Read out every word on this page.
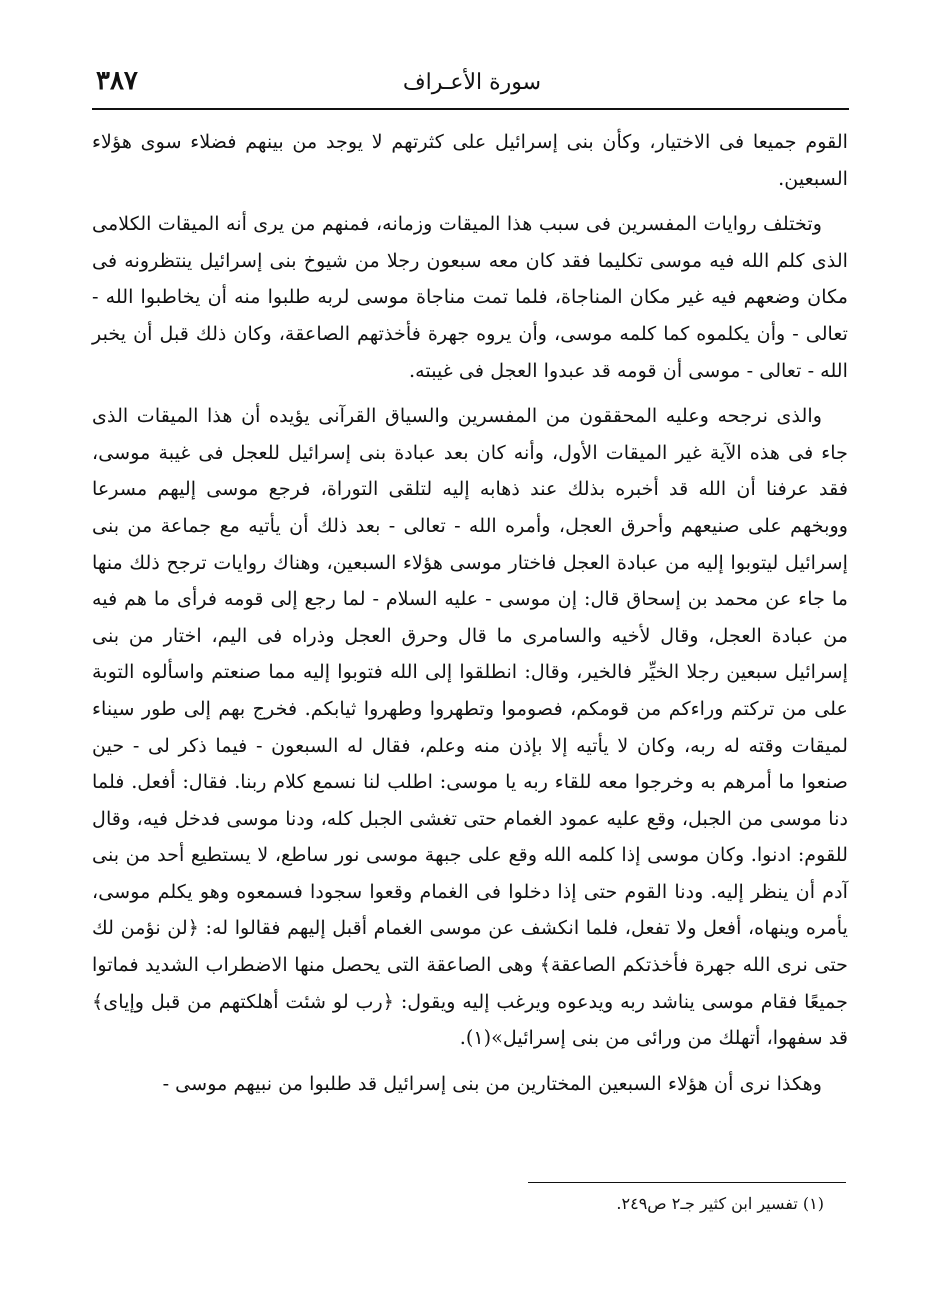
٣٨٧	سورة الأعـراف

القوم جميعا فى الاختيار، وكأن بنى إسرائيل على كثرتهم لا يوجد من بينهم فضلاء سوى هؤلاء السبعين.

وتختلف روايات المفسرين فى سبب هذا الميقات وزمانه، فمنهم من يرى أنه الميقات الكلامى الذى كلم الله فيه موسى تكليما فقد كان معه سبعون رجلا من شيوخ بنى إسرائيل ينتظرونه فى مكان وضعهم فيه غير مكان المناجاة، فلما تمت مناجاة موسى لربه طلبوا منه أن يخاطبوا الله - تعالى - وأن يكلموه كما كلمه موسى، وأن يروه جهرة فأخذتهم الصاعقة، وكان ذلك قبل أن يخبر الله - تعالى - موسى أن قومه قد عبدوا العجل فى غيبته.

والذى نرجحه وعليه المحققون من المفسرين والسياق القرآنى يؤيده أن هذا الميقات الذى جاء فى هذه الآية غير الميقات الأول، وأنه كان بعد عبادة بنى إسرائيل للعجل فى غيبة موسى، فقد عرفنا أن الله قد أخبره بذلك عند ذهابه إليه لتلقى التوراة، فرجع موسى إليهم مسرعا ووبخهم على صنيعهم وأحرق العجل، وأمره الله - تعالى - بعد ذلك أن يأتيه مع جماعة من بنى إسرائيل ليتوبوا إليه من عبادة العجل فاختار موسى هؤلاء السبعين، وهناك روايات ترجح ذلك منها ما جاء عن محمد بن إسحاق قال: إن موسى - عليه السلام - لما رجع إلى قومه فرأى ما هم فيه من عبادة العجل، وقال لأخيه والسامرى ما قال وحرق العجل وذراه فى اليم، اختار من بنى إسرائيل سبعين رجلا الخيِّر فالخير، وقال: انطلقوا إلى الله فتوبوا إليه مما صنعتم واسألوه التوبة على من تركتم وراءكم من قومكم، فصوموا وتطهروا وطهروا ثيابكم. فخرج بهم إلى طور سيناء لميقات وقته له ربه، وكان لا يأتيه إلا بإذن منه وعلم، فقال له السبعون - فيما ذكر لى - حين صنعوا ما أمرهم به وخرجوا معه للقاء ربه يا موسى: اطلب لنا نسمع كلام ربنا. فقال: أفعل. فلما دنا موسى من الجبل، وقع عليه عمود الغمام حتى تغشى الجبل كله، ودنا موسى فدخل فيه، وقال للقوم: ادنوا. وكان موسى إذا كلمه الله وقع على جبهة موسى نور ساطع، لا يستطيع أحد من بنى آدم أن ينظر إليه. ودنا القوم حتى إذا دخلوا فى الغمام وقعوا سجودا فسمعوه وهو يكلم موسى، يأمره وينهاه، أفعل ولا تفعل، فلما انكشف عن موسى الغمام أقبل إليهم فقالوا له: ﴿لن نؤمن لك حتى نرى الله جهرة فأخذتكم الصاعقة﴾ وهى الصاعقة التى يحصل منها الاضطراب الشديد فماتوا جميعًا فقام موسى يناشد ربه ويدعوه ويرغب إليه ويقول: ﴿رب لو شئت أهلكتهم من قبل وإياى﴾ قد سفهوا، أتهلك من ورائى من بنى إسرائيل»(١).

وهكذا نرى أن هؤلاء السبعين المختارين من بنى إسرائيل قد طلبوا من نبيهم موسى -

(١) تفسير ابن كثير جـ٢ ص٢٤٩.
